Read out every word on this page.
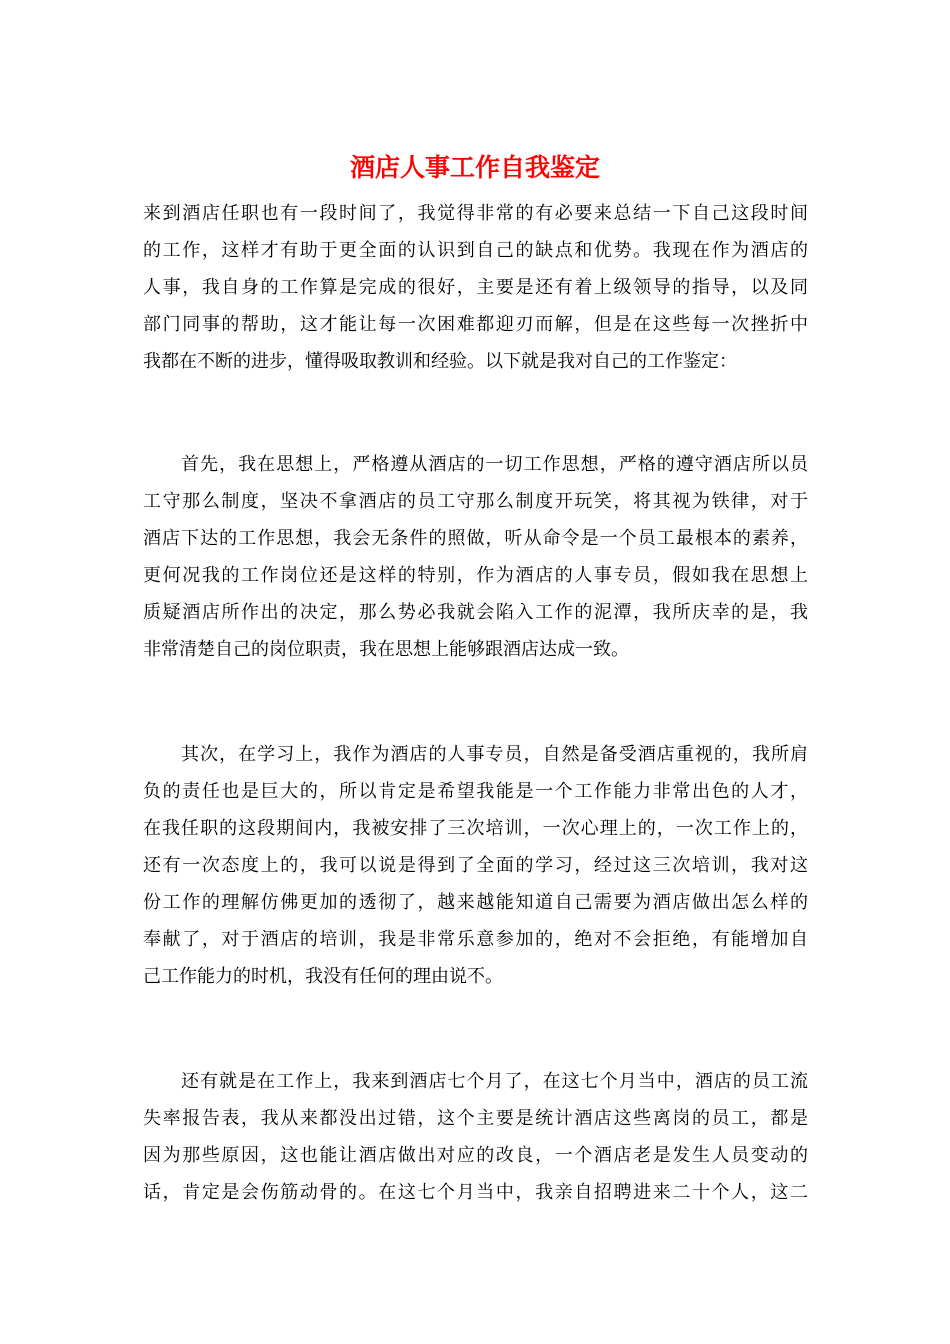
酒店人事工作自我鉴定
来到酒店任职也有一段时间了，我觉得非常的有必要来总结一下自己这段时间
的工作，这样才有助于更全面的认识到自己的缺点和优势。我现在作为酒店的
人事，我自身的工作算是完成的很好，主要是还有着上级领导的指导，以及同
部门同事的帮助，这才能让每一次困难都迎刃而解，但是在这些每一次挫折中
我都在不断的进步，懂得吸取教训和经验。以下就是我对自己的工作鉴定：
　　首先，我在思想上，严格遵从酒店的一切工作思想，严格的遵守酒店所以员
工守那么制度，坚决不拿酒店的员工守那么制度开玩笑，将其视为铁律，对于
酒店下达的工作思想，我会无条件的照做，听从命令是一个员工最根本的素养，
更何况我的工作岗位还是这样的特别，作为酒店的人事专员，假如我在思想上
质疑酒店所作出的决定，那么势必我就会陷入工作的泥潭，我所庆幸的是，我
非常清楚自己的岗位职责，我在思想上能够跟酒店达成一致。
　　其次，在学习上，我作为酒店的人事专员，自然是备受酒店重视的，我所肩
负的责任也是巨大的，所以肯定是希望我能是一个工作能力非常出色的人才，
在我任职的这段期间内，我被安排了三次培训，一次心理上的，一次工作上的，
还有一次态度上的，我可以说是得到了全面的学习，经过这三次培训，我对这
份工作的理解仿佛更加的透彻了，越来越能知道自己需要为酒店做出怎么样的
奉献了，对于酒店的培训，我是非常乐意参加的，绝对不会拒绝，有能增加自
己工作能力的时机，我没有任何的理由说不。
　　还有就是在工作上，我来到酒店七个月了，在这七个月当中，酒店的员工流
失率报告表，我从来都没出过错，这个主要是统计酒店这些离岗的员工，都是
因为那些原因，这也能让酒店做出对应的改良，一个酒店老是发生人员变动的
话，肯定是会伤筋动骨的。在这七个月当中，我亲自招聘进来二十个人，这二
